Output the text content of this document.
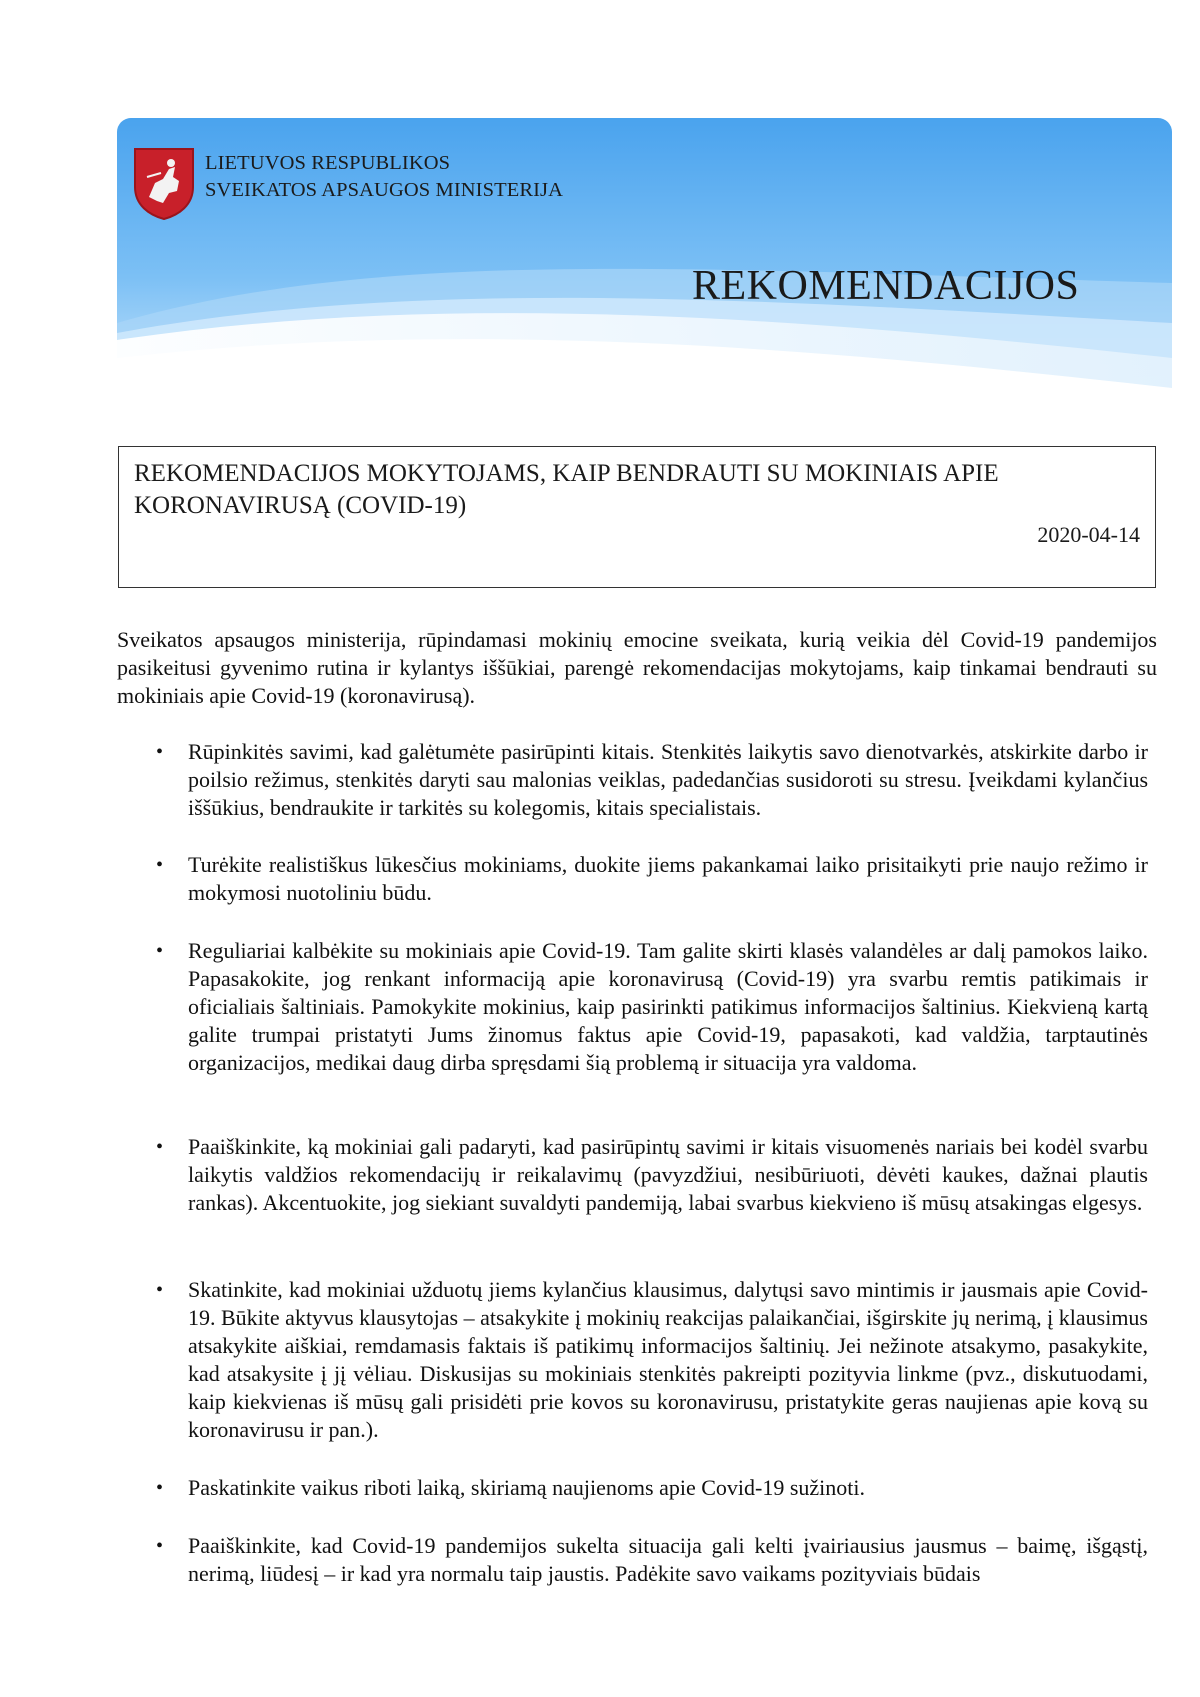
LIETUVOS RESPUBLIKOS
SVEIKATOS APSAUGOS MINISTERIJA
REKOMENDACIJOS
REKOMENDACIJOS MOKYTOJAMS, KAIP BENDRAUTI SU MOKINIAIS APIE KORONAVIRUSĄ (COVID-19)
2020-04-14
Sveikatos apsaugos ministerija, rūpindamasi mokinių emocine sveikata, kurią veikia dėl Covid-19 pandemijos pasikeitusi gyvenimo rutina ir kylantys iššūkiai, parengė rekomendacijas mokytojams, kaip tinkamai bendrauti su mokiniais apie Covid-19 (koronavirusą).
• Rūpinkitės savimi, kad galėtumėte pasirūpinti kitais. Stenkitės laikytis savo dienotvarkės, atskirkite darbo ir poilsio režimus, stenkitės daryti sau malonias veiklas, padedančias susidoroti su stresu. Įveikdami kylančius iššūkius, bendraukite ir tarkitės su kolegomis, kitais specialistais.
• Turėkite realistiškus lūkesčius mokiniams, duokite jiems pakankamai laiko prisitaikyti prie naujo režimo ir mokymosi nuotoliniu būdu.
• Reguliariai kalbėkite su mokiniais apie Covid-19. Tam galite skirti klasės valandėles ar dalį pamokos laiko. Papasakokite, jog renkant informaciją apie koronavirusą (Covid-19) yra svarbu remtis patikimais ir oficialiais šaltiniais. Pamokykite mokinius, kaip pasirinkti patikimus informacijos šaltinius. Kiekvieną kartą galite trumpai pristatyti Jums žinomus faktus apie Covid-19, papasakoti, kad valdžia, tarptautinės organizacijos, medikai daug dirba spręsdami šią problemą ir situacija yra valdoma.
• Paaiškinkite, ką mokiniai gali padaryti, kad pasirūpintų savimi ir kitais visuomenės nariais bei kodėl svarbu laikytis valdžios rekomendacijų ir reikalavimų (pavyzdžiui, nesibūriuoti, dėvėti kaukes, dažnai plautis rankas). Akcentuokite, jog siekiant suvaldyti pandemiją, labai svarbus kiekvieno iš mūsų atsakingas elgesys.
• Skatinkite, kad mokiniai užduotų jiems kylančius klausimus, dalytųsi savo mintimis ir jausmais apie Covid-19. Būkite aktyvus klausytojas – atsakykite į mokinių reakcijas palaikančiai, išgirskite jų nerimą, į klausimus atsakykite aiškiai, remdamasis faktais iš patikimų informacijos šaltinių. Jei nežinote atsakymo, pasakykite, kad atsakysite į jį vėliau. Diskusijas su mokiniais stenkitės pakreipti pozityvia linkme (pvz., diskutuodami, kaip kiekvienas iš mūsų gali prisidėti prie kovos su koronavirusu, pristatykite geras naujienas apie kovą su koronavirusu ir pan.).
• Paskatinkite vaikus riboti laiką, skiriamą naujienoms apie Covid-19 sužinoti.
• Paaiškinkite, kad Covid-19 pandemijos sukelta situacija gali kelti įvairiausius jausmus – baimę, išgąstį, nerimą, liūdesį – ir kad yra normalu taip jaustis. Padėkite savo vaikams pozityviais būdais
